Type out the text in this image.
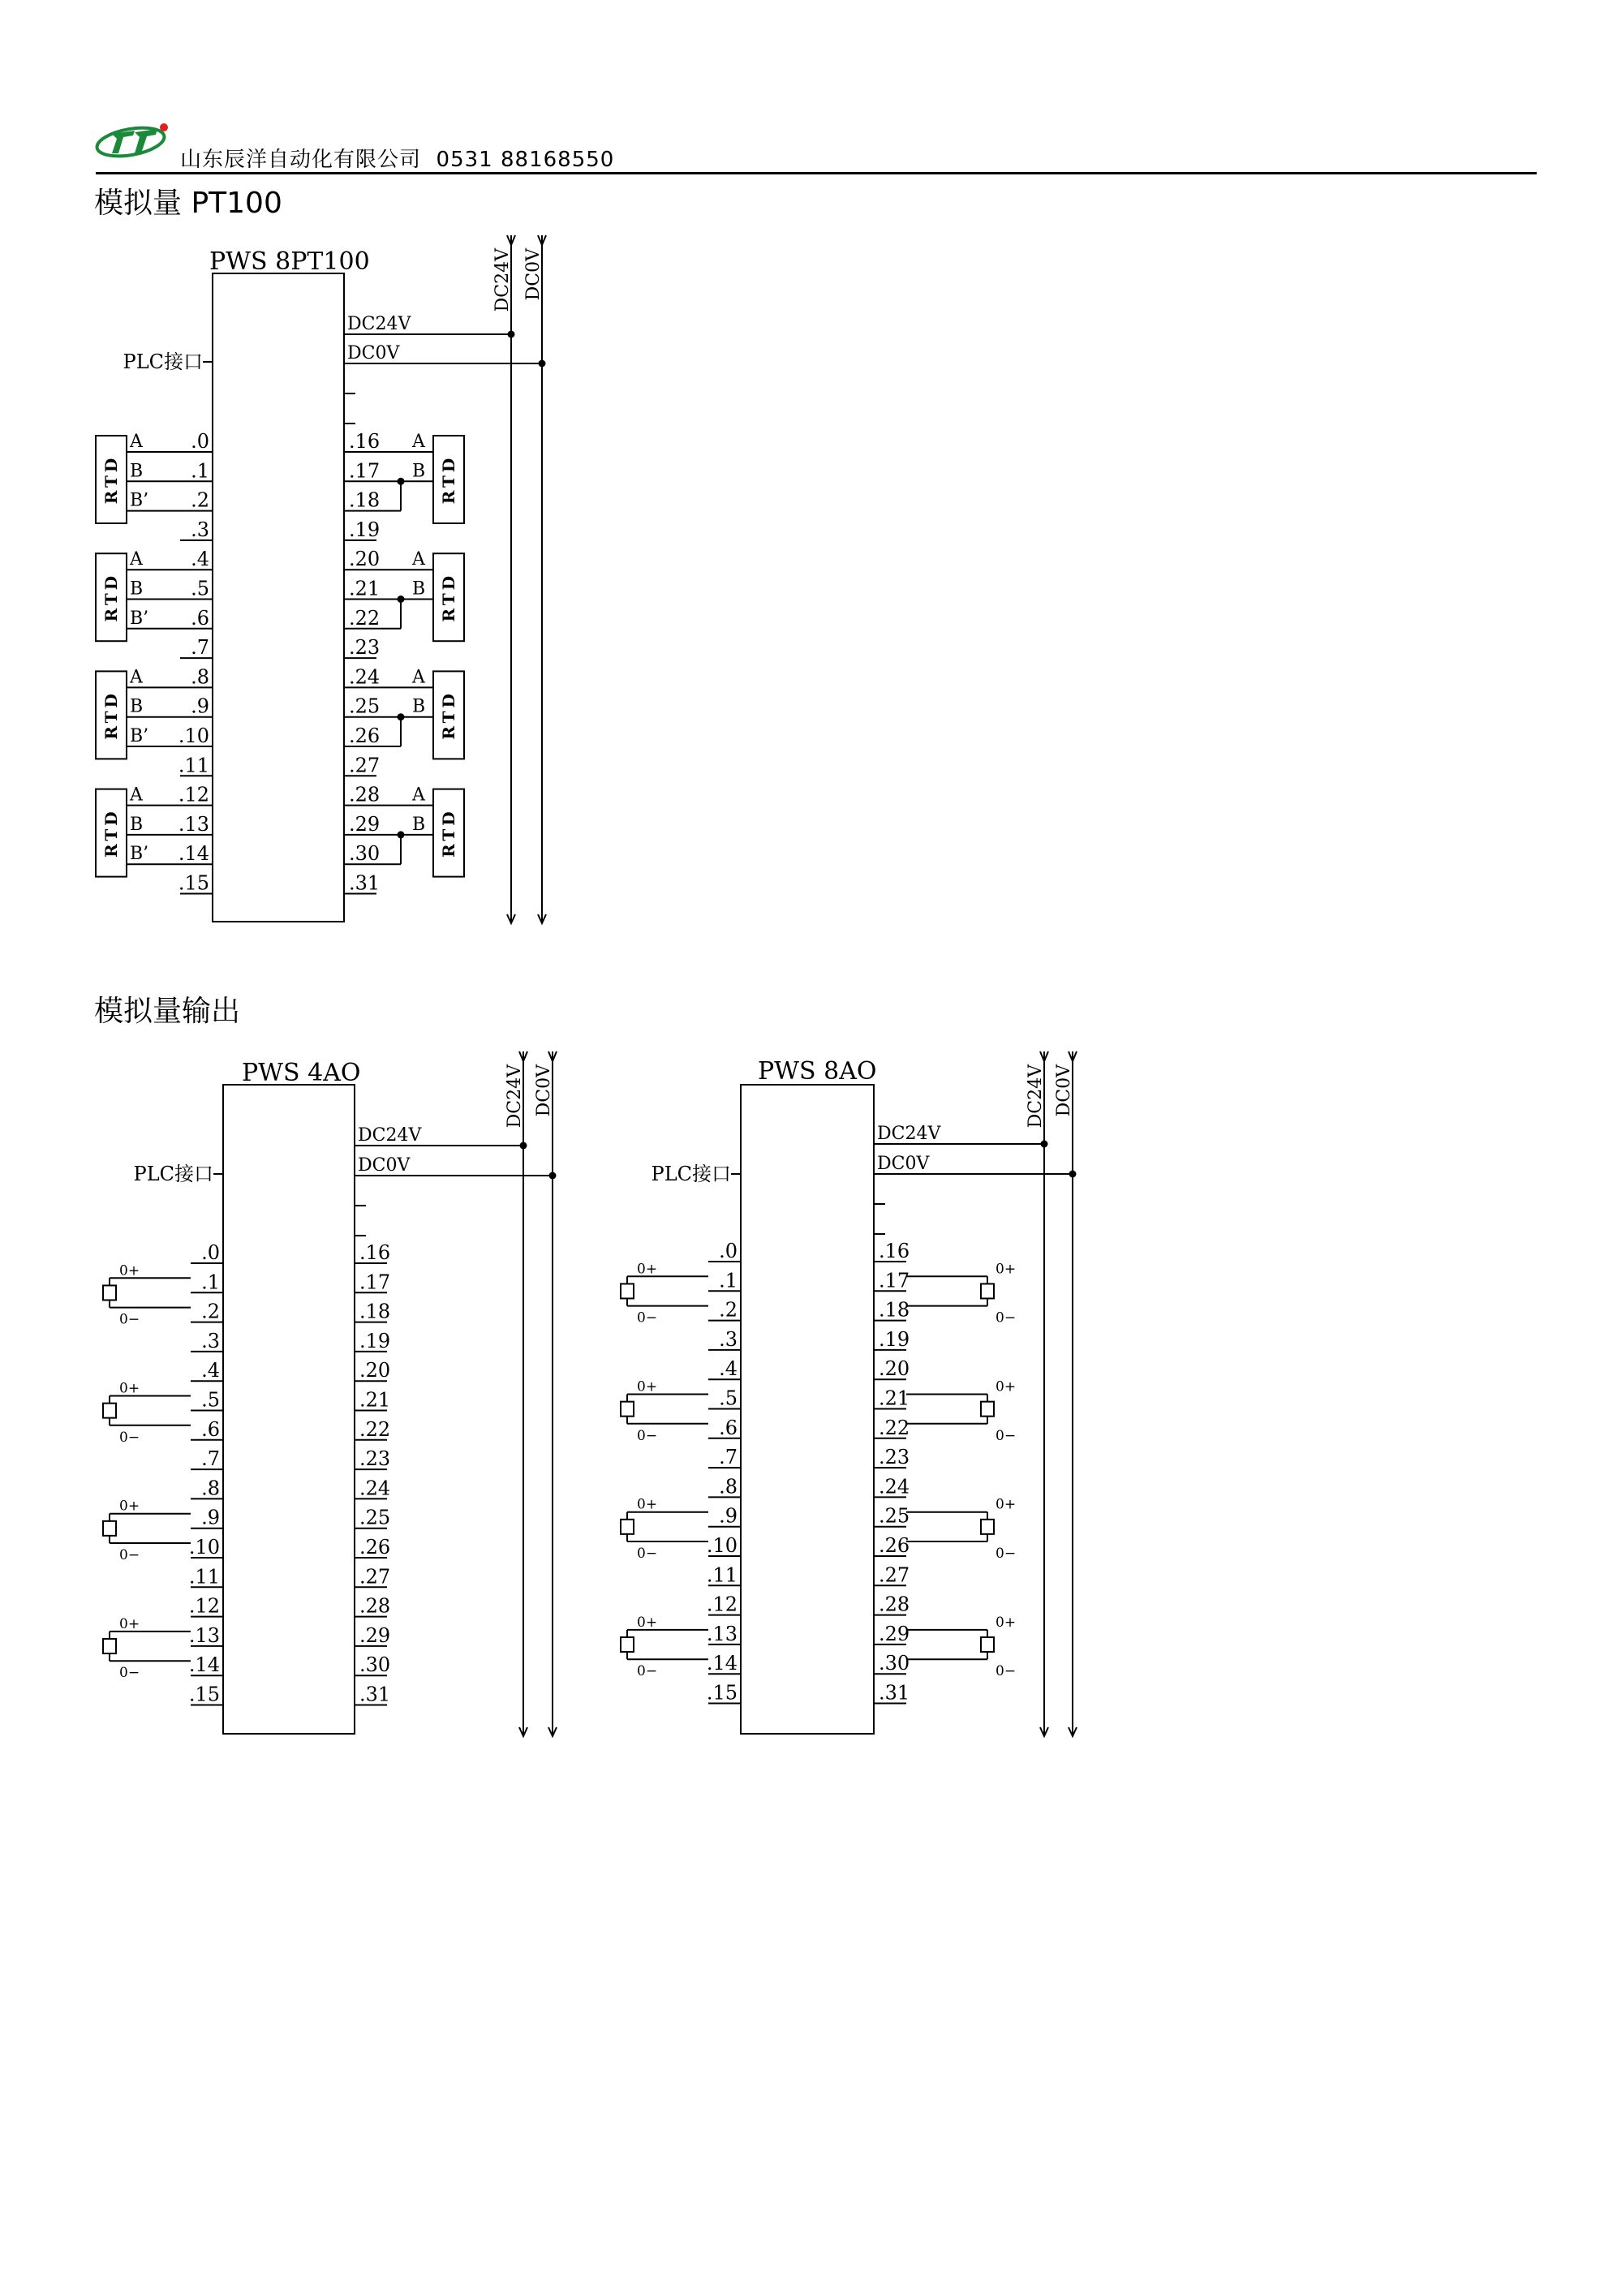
山东辰洋自动化有限公司 0531 88168550
模拟量 PT100
模拟量输出
PWS 8PT100
PLC接口
DC24V DC0V
DC24V
DC0V
.0	.16
.1	.17
.2	.18
.3	.19
.4	.20
.5	.21
.6	.22
.7	.23
.8	.24
.9	.25
.10	.26
.11	.27
.12	.28
.13	.29
.14	.30
.15	.31
RTD
A
B
B’	RTD
A
B
RTD
A
B
B’	RTD
A
B
RTD
A
B
B’	RTD
A
B
RTD
A
B
B’	RTD
A
B
PWS 4AO
PLC接口
DC24V DC0V
DC24V
DC0V
.0	.16
.1	.17
.2	.18
.3	.19
.4	.20
.5	.21
.6	.22
.7	.23
.8	.24
.9	.25
.10	.26
.11	.27
.12	.28
.13	.29
.14	.30
.15	.31
PWS 8AO
PLC接口
DC24V DC0V
DC24V
DC0V
.0	.16
.1	.17
.2	.18
.3	.19
.4	.20
.5	.21
.6	.22
.7	.23
.8	.24
.9	.25
.10	.26
.11	.27
.12	.28
.13	.29
.14	.30
.15	.31
0+
0−
0+
0−
0+
0−
0+
0−
0+
0−
0+
0−
0+
0−
0+
0−
0+
0−
0+
0−
0+
0−
0+
0−
